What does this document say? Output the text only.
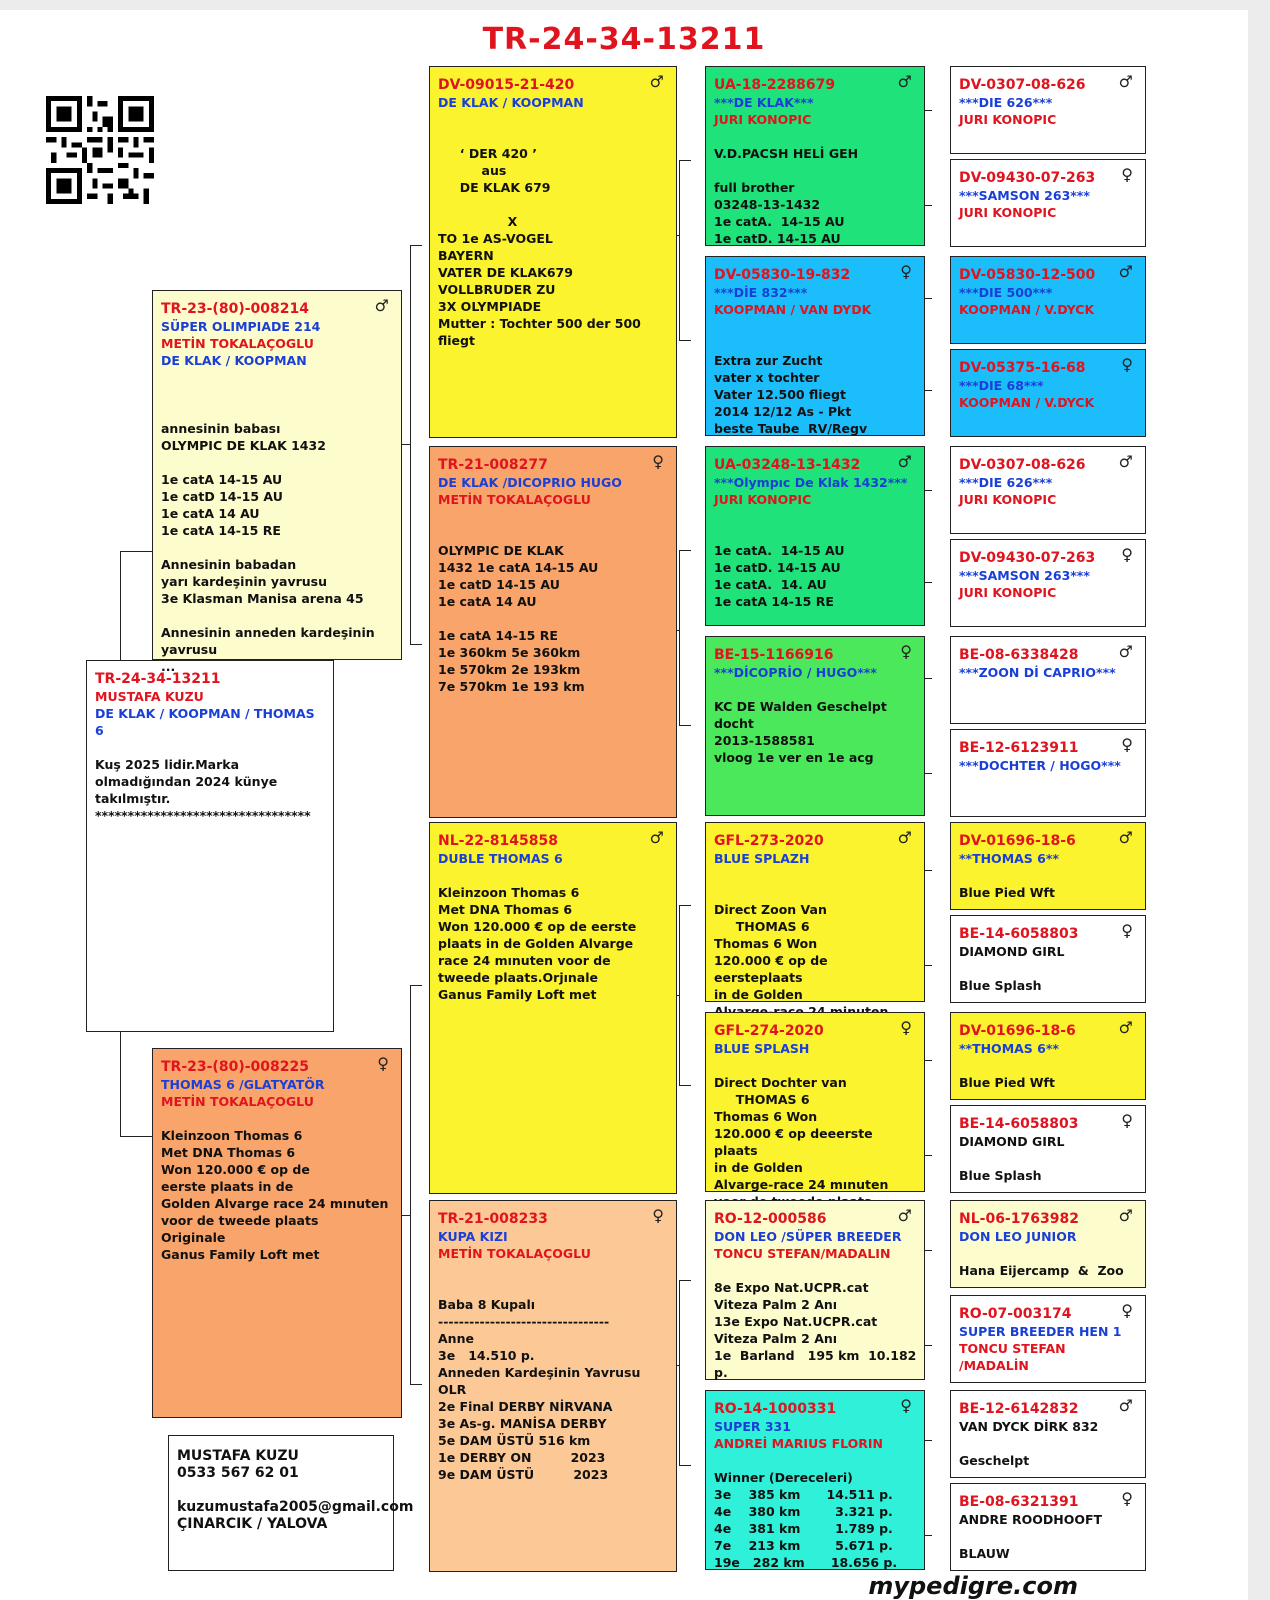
TR-24-34-13211
TR-24-34-13211
MUSTAFA KUZU
DE KLAK / KOOPMAN / THOMAS 6

Kuş 2025 lidir.Marka
olmadığından 2024 künye
takılmıştır.
*********************************
♂
TR-23-(80)-008214
SÜPER OLIMPIADE 214
METİN TOKALAÇOGLU
DE KLAK / KOOPMAN

annesinin babası
OLYMPIC DE KLAK 1432

1e catA 14-15 AU
1e catD 14-15 AU
1e catA 14 AU
1e catA 14-15 RE

Annesinin babadan
yarı kardeşinin yavrusu
3e Klasman Manisa arena 45

Annesinin anneden kardeşinin
yavrusu
...
♀
TR-23-(80)-008225
THOMAS 6 /GLATYATÖR
METİN TOKALAÇOGLU

Kleinzoon Thomas 6
Met DNA Thomas 6
Won 120.000 € op de
eerste plaats in de
Golden Alvarge race 24 mınuten
voor de tweede plaats
Originale
Ganus Family Loft met
MUSTAFA KUZU
0533 567 62 01
kuzumustafa2005@gmail.com
ÇINARCIK / YALOVA
♂
DV-09015-21-420
DE KLAK / KOOPMAN

‘ DER 420 ’
aus
DE KLAK 679

X
TO 1e AS-VOGEL
BAYERN
VATER DE KLAK679
VOLLBRUDER ZU
3X OLYMPIADE
Mutter : Tochter 500 der 500
fliegt
♀
TR-21-008277
DE KLAK /DICOPRIO HUGO
METİN TOKALAÇOGLU

OLYMPIC DE KLAK
1432 1e catA 14-15 AU
1e catD 14-15 AU
1e catA 14 AU

1e catA 14-15 RE
1e 360km 5e 360km
1e 570km 2e 193km
7e 570km 1e 193 km
♂
NL-22-8145858
DUBLE THOMAS 6

Kleinzoon Thomas 6
Met DNA Thomas 6
Won 120.000 € op de eerste
plaats in de Golden Alvarge
race 24 mınuten voor de
tweede plaats.Orjınale
Ganus Family Loft met
♀
TR-21-008233
KUPA KIZI
METİN TOKALAÇOGLU

Baba 8 Kupalı
---------------------------------
Anne
3e   14.510 p.
Anneden Kardeşinin Yavrusu OLR
2e Final DERBY NİRVANA
3e As-g. MANİSA DERBY
5e DAM ÜSTÜ 516 km
1e DERBY ON         2023
9e DAM ÜSTÜ         2023
♂
UA-18-2288679
***DE KLAK***
JURI KONOPIC

V.D.PACSH HELİ GEH

full brother
03248-13-1432
1e catA.  14-15 AU
1e catD. 14-15 AU
♀
DV-05830-19-832
***DİE 832***
KOOPMAN / VAN DYDK

Extra zur Zucht
vater x tochter
Vater 12.500 fliegt
2014 12/12 As - Pkt
beste Taube  RV/Regv
♂
UA-03248-13-1432
***Olympıc De Klak 1432***
JURI KONOPIC

1e catA.  14-15 AU
1e catD. 14-15 AU
1e catA.  14. AU
1e catA 14-15 RE
♀
BE-15-1166916
***DİCOPRİO / HUGO***

KC DE Walden Geschelpt
docht
2013-1588581
vloog 1e ver en 1e acg
♂
GFL-273-2020
BLUE SPLAZH

Direct Zoon Van
THOMAS 6
Thomas 6 Won
120.000 € op de eersteplaats
in de Golden

♀
GFL-274-2020
BLUE SPLASH

Direct Dochter van
THOMAS 6
Thomas 6 Won
120.000 € op deeerste plaats
in de Golden
Alvarge-race 24 mınuten

♂
RO-12-000586
DON LEO /SÜPER BREEDER
TONCU STEFAN/MADALIN

8e Expo Nat.UCPR.cat
Viteza Palm 2 Anı
13e Expo Nat.UCPR.cat
Viteza Palm 2 Anı
1e  Barland   195 km  10.182
p.
♀
RO-14-1000331
SUPER 331
ANDREİ MARIUS FLORIN

Winner (Dereceleri)
3e    385 km      14.511 p.
4e    380 km        3.321 p.
4e    381 km        1.789 p.
7e    213 km        5.671 p.
19e   282 km      18.656 p.
♂
DV-0307-08-626
***DIE 626***
JURI KONOPIC
♀
DV-09430-07-263
***SAMSON 263***
JURI KONOPIC
♂
DV-05830-12-500
***DIE 500***
KOOPMAN / V.DYCK
♀
DV-05375-16-68
***DIE 68***
KOOPMAN / V.DYCK
♂
DV-0307-08-626
***DIE 626***
JURI KONOPIC
♀
DV-09430-07-263
***SAMSON 263***
JURI KONOPIC
♂
BE-08-6338428
***ZOON Dİ CAPRIO***
♀
BE-12-6123911
***DOCHTER / HOGO***
♂
DV-01696-18-6
**THOMAS 6**

Blue Pied Wft
♀
BE-14-6058803
DIAMOND GIRL

Blue Splash
♂
DV-01696-18-6
**THOMAS 6**

Blue Pied Wft
♀
BE-14-6058803
DIAMOND GIRL

Blue Splash
♂
NL-06-1763982
DON LEO JUNIOR

Hana Eijercamp  &  Zoo
♀
RO-07-003174
SUPER BREEDER HEN 1
TONCU STEFAN /MADALİN
♂
BE-12-6142832
VAN DYCK DİRK 832

Geschelpt
♀
BE-08-6321391
ANDRE ROODHOOFT

BLAUW
mypedigre.com
